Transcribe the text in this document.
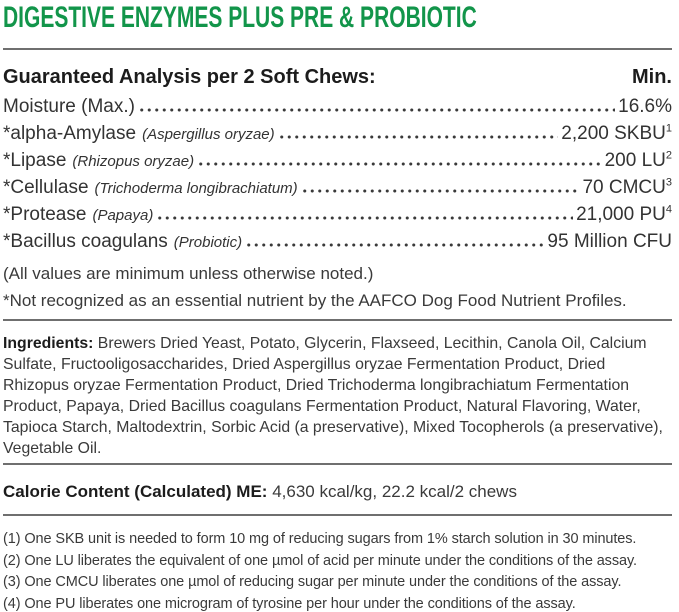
DIGESTIVE ENZYMES PLUS PRE & PROBIOTIC
Guaranteed Analysis per 2 Soft Chews:	Min.
Moisture (Max.)	16.6%
*alpha-Amylase (Aspergillus oryzae)	2,200 SKBU$^1$
*Lipase (Rhizopus oryzae)	200 LU$^2$
*Cellulase (Trichoderma longibrachiatum)	70 CMCU$^3$
*Protease (Papaya)	21,000 PU$^4$
*Bacillus coagulans (Probiotic)	95 Million CFU

(All values are minimum unless otherwise noted.)

*Not recognized as an essential nutrient by the AAFCO Dog Food Nutrient Profiles.

Ingredients: Brewers Dried Yeast, Potato, Glycerin, Flaxseed, Lecithin, Canola Oil, Calcium Sulfate, Fructooligosaccharides, Dried Aspergillus oryzae Fermentation Product, Dried Rhizopus oryzae Fermentation Product, Dried Trichoderma longibrachiatum Fermentation Product, Papaya, Dried Bacillus coagulans Fermentation Product, Natural Flavoring, Water, Tapioca Starch, Maltodextrin, Sorbic Acid (a preservative), Mixed Tocopherols (a preservative), Vegetable Oil.

Calorie Content (Calculated) ME: 4,630 kcal/kg, 22.2 kcal/2 chews

(1) One SKB unit is needed to form 10 mg of reducing sugars from 1% starch solution in 30 minutes.

(2) One LU liberates the equivalent of one µmol of acid per minute under the conditions of the assay.

(3) One CMCU liberates one µmol of reducing sugar per minute under the conditions of the assay.

(4) One PU liberates one microgram of tyrosine per hour under the conditions of the assay.
